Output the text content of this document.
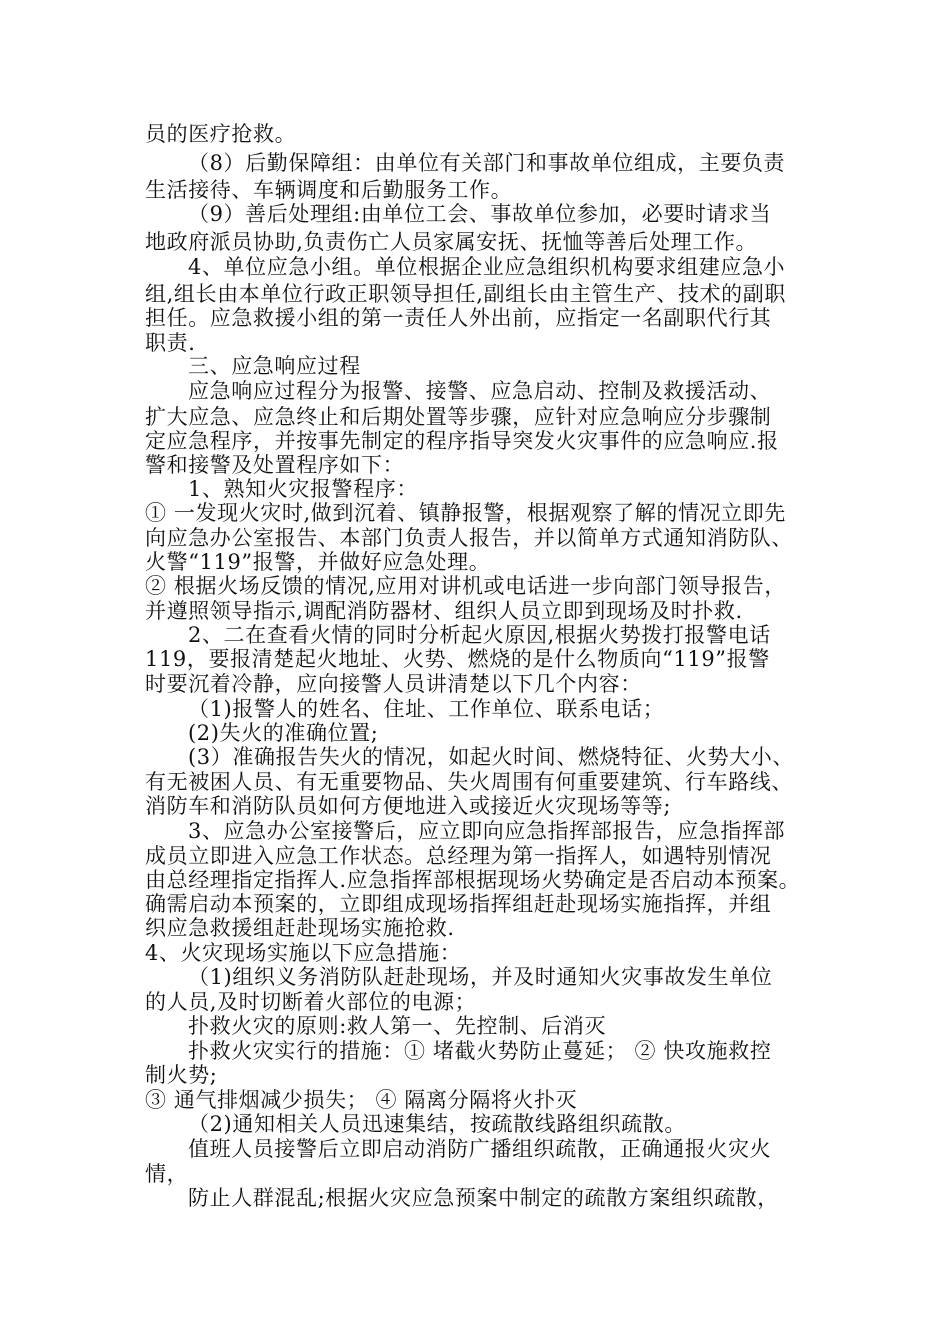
员的医疗抢救。
（8）后勤保障组：由单位有关部门和事故单位组成，主要负责
生活接待、车辆调度和后勤服务工作。
（9）善后处理组:由单位工会、事故单位参加，必要时请求当
地政府派员协助,负责伤亡人员家属安抚、抚恤等善后处理工作。
4、单位应急小组。单位根据企业应急组织机构要求组建应急小
组,组长由本单位行政正职领导担任,副组长由主管生产、技术的副职
担任。应急救援小组的第一责任人外出前，应指定一名副职代行其
职责.
三、应急响应过程
应急响应过程分为报警、接警、应急启动、控制及救援活动、
扩大应急、应急终止和后期处置等步骤，应针对应急响应分步骤制
定应急程序，并按事先制定的程序指导突发火灾事件的应急响应.报
警和接警及处置程序如下：
1、熟知火灾报警程序：
① 一发现火灾时,做到沉着、镇静报警，根据观察了解的情况立即先
向应急办公室报告、本部门负责人报告，并以简单方式通知消防队、
火警“119”报警，并做好应急处理。
② 根据火场反馈的情况,应用对讲机或电话进一步向部门领导报告，
并遵照领导指示,调配消防器材、组织人员立即到现场及时扑救.
2、二在查看火情的同时分析起火原因,根据火势拨打报警电话
119，要报清楚起火地址、火势、燃烧的是什么物质向“119”报警
时要沉着冷静，应向接警人员讲清楚以下几个内容：
（1)报警人的姓名、住址、工作单位、联系电话；
(2)失火的准确位置;
(3）准确报告失火的情况，如起火时间、燃烧特征、火势大小、
有无被困人员、有无重要物品、失火周围有何重要建筑、行车路线、
消防车和消防队员如何方便地进入或接近火灾现场等等;
3、应急办公室接警后，应立即向应急指挥部报告，应急指挥部
成员立即进入应急工作状态。总经理为第一指挥人，如遇特别情况
由总经理指定指挥人.应急指挥部根据现场火势确定是否启动本预案。
确需启动本预案的，立即组成现场指挥组赶赴现场实施指挥，并组
织应急救援组赶赴现场实施抢救.
4、火灾现场实施以下应急措施：
（1)组织义务消防队赶赴现场，并及时通知火灾事故发生单位
的人员,及时切断着火部位的电源；
扑救火灾的原则:救人第一、先控制、后消灭
扑救火灾实行的措施：① 堵截火势防止蔓延； ② 快攻施救控
制火势;
③ 通气排烟减少损失； ④ 隔离分隔将火扑灭
（2)通知相关人员迅速集结，按疏散线路组织疏散。
值班人员接警后立即启动消防广播组织疏散，正确通报火灾火
情，
防止人群混乱;根据火灾应急预案中制定的疏散方案组织疏散，
